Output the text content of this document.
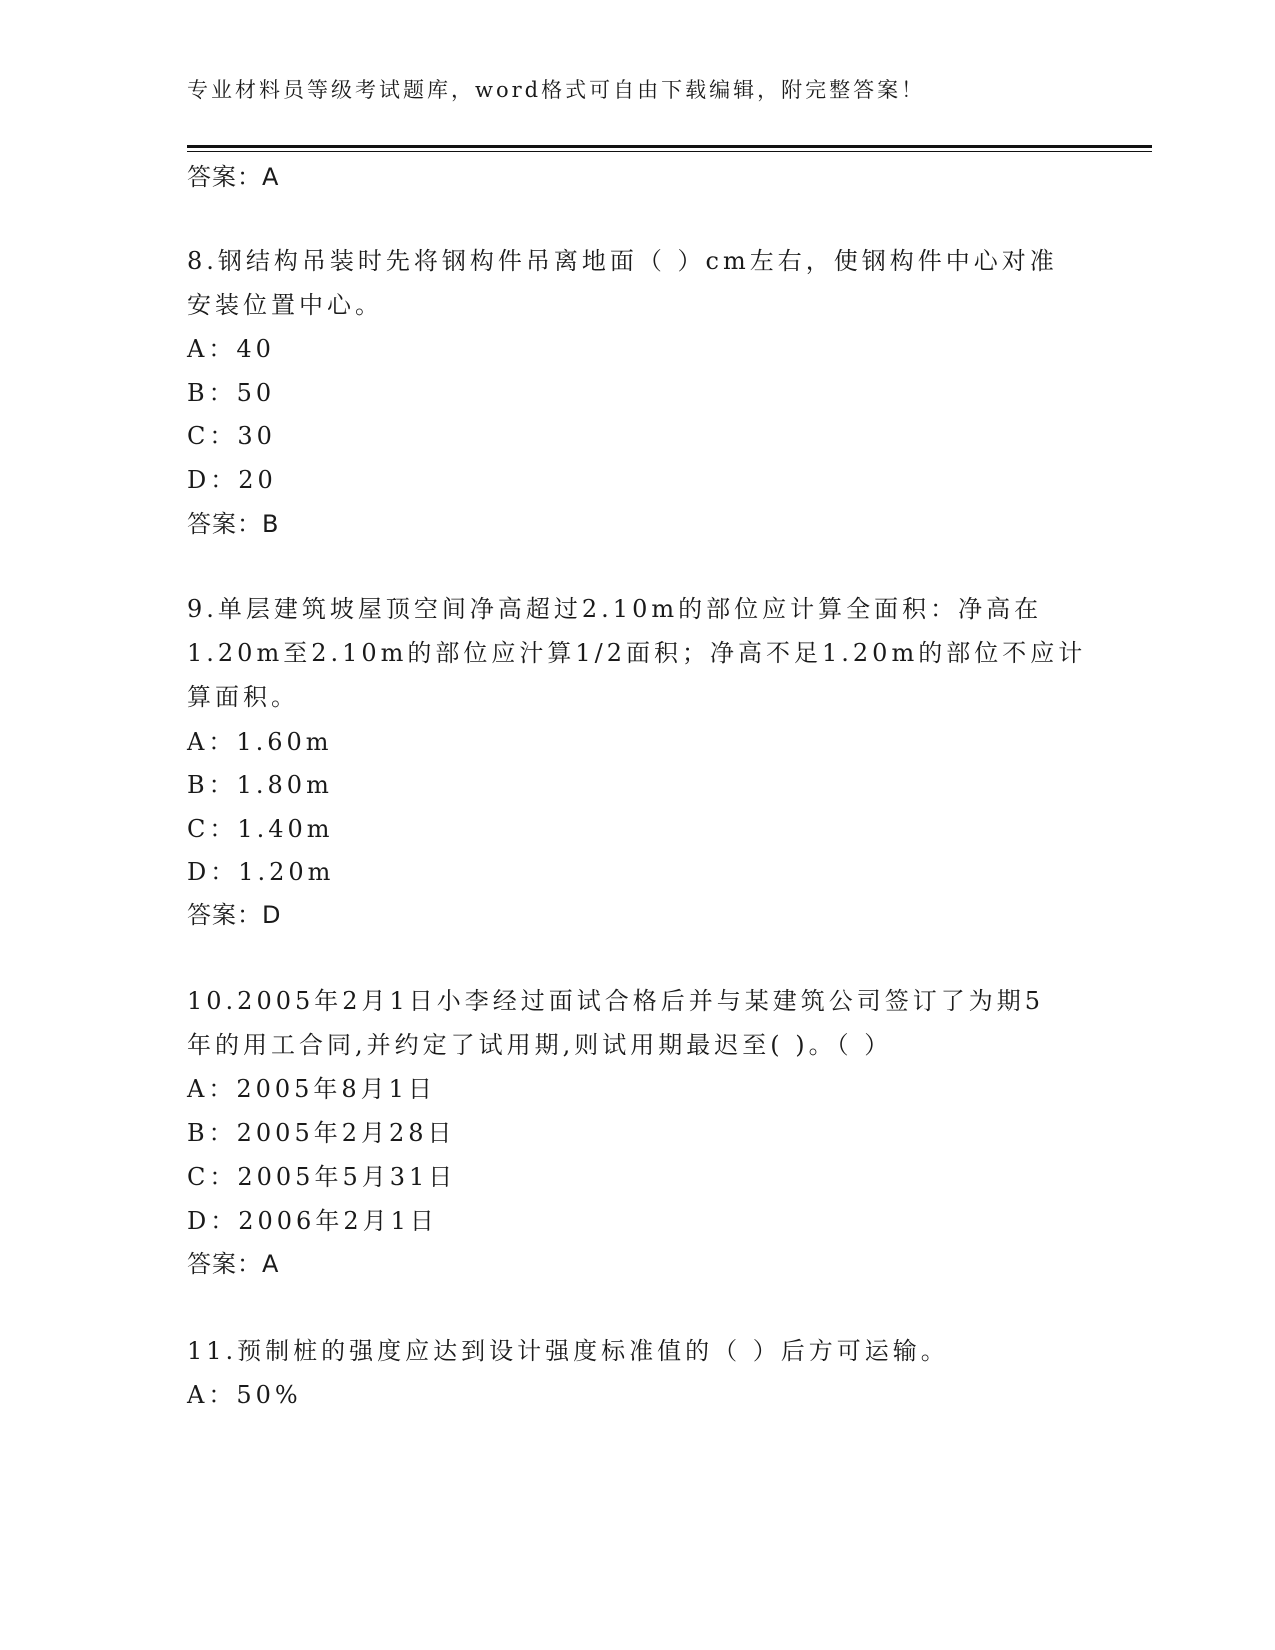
专业材料员等级考试题库，word格式可自由下载编辑，附完整答案！
答案：A
8.钢结构吊装时先将钢构件吊离地面（ ）cm左右，使钢构件中心对准
安装位置中心。
A：40
B：50
C：30
D：20
答案：B
9.单层建筑坡屋顶空间净高超过2.10m的部位应计算全面积：净高在
1.20m至2.10m的部位应汁算1/2面积；净高不足1.20m的部位不应计
算面积。
A：1.60m
B：1.80m
C：1.40m
D：1.20m
答案：D
10.2005年2月1日小李经过面试合格后并与某建筑公司签订了为期5
年的用工合同,并约定了试用期,则试用期最迟至( )。（ ）
A：2005年8月1日
B：2005年2月28日
C：2005年5月31日
D：2006年2月1日
答案：A
11.预制桩的强度应达到设计强度标准值的（ ）后方可运输。
A：50%
